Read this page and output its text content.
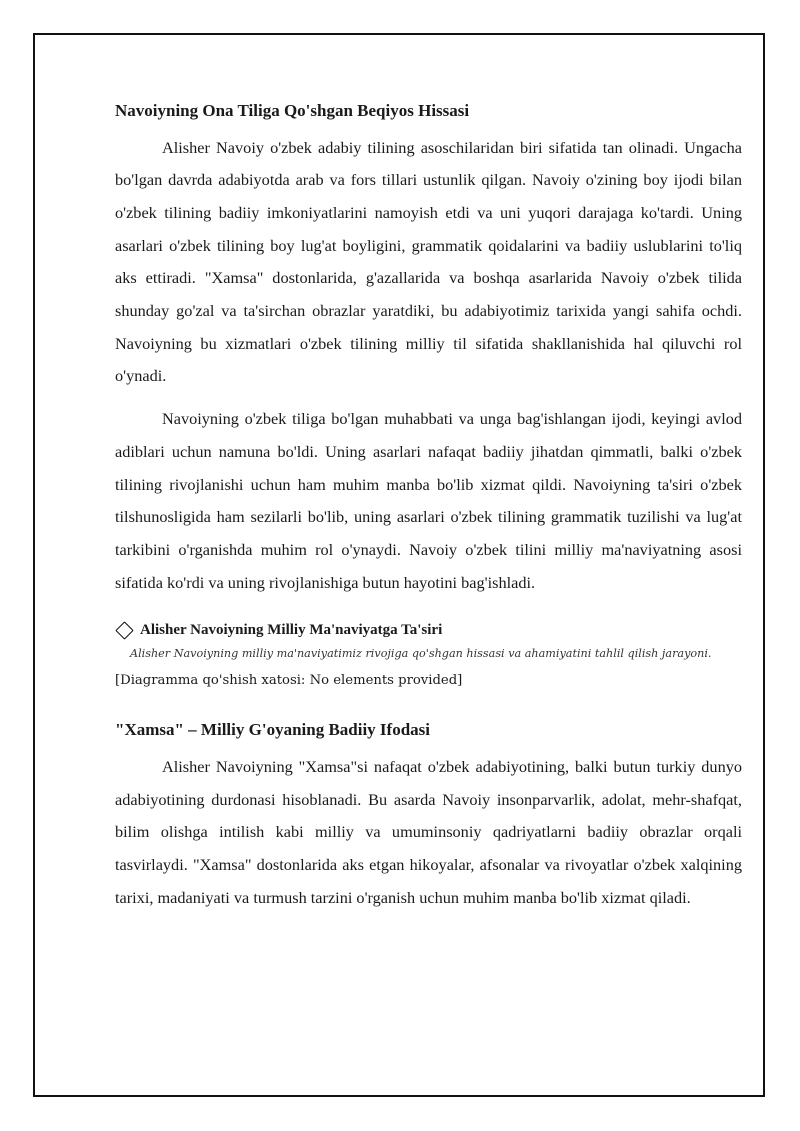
Navoiyning Ona Tiliga Qo'shgan Beqiyos Hissasi

Alisher Navoiy o'zbek adabiy tilining asoschilaridan biri sifatida tan olinadi. Ungacha bo'lgan davrda adabiyotda arab va fors tillari ustunlik qilgan. Navoiy o'zining boy ijodi bilan o'zbek tilining badiiy imkoniyatlarini namoyish etdi va uni yuqori darajaga ko'tardi. Uning asarlari o'zbek tilining boy lug'at boyligini, grammatik qoidalarini va badiiy uslublarini to'liq aks ettiradi. "Xamsa" dostonlarida, g'azallarida va boshqa asarlarida Navoiy o'zbek tilida shunday go'zal va ta'sirchan obrazlar yaratdiki, bu adabiyotimiz tarixida yangi sahifa ochdi. Navoiyning bu xizmatlari o'zbek tilining milliy til sifatida shakllanishida hal qiluvchi rol o'ynadi.

Navoiyning o'zbek tiliga bo'lgan muhabbati va unga bag'ishlangan ijodi, keyingi avlod adiblari uchun namuna bo'ldi. Uning asarlari nafaqat badiiy jihatdan qimmatli, balki o'zbek tilining rivojlanishi uchun ham muhim manba bo'lib xizmat qildi. Navoiyning ta'siri o'zbek tilshunosligida ham sezilarli bo'lib, uning asarlari o'zbek tilining grammatik tuzilishi va lug'at tarkibini o'rganishda muhim rol o'ynaydi. Navoiy o'zbek tilini milliy ma'naviyatning asosi sifatida ko'rdi va uning rivojlanishiga butun hayotini bag'ishladi.

Alisher Navoiyning Milliy Ma'naviyatga Ta'siri
Alisher Navoiyning milliy ma'naviyatimiz rivojiga qo'shgan hissasi va ahamiyatini tahlil qilish jarayoni.
[Diagramma qo'shish xatosi: No elements provided]
"Xamsa" – Milliy G'oyaning Badiiy Ifodasi

Alisher Navoiyning "Xamsa"si nafaqat o'zbek adabiyotining, balki butun turkiy dunyo adabiyotining durdonasi hisoblanadi. Bu asarda Navoiy insonparvarlik, adolat, mehr-shafqat, bilim olishga intilish kabi milliy va umuminsoniy qadriyatlarni badiiy obrazlar orqali tasvirlaydi. "Xamsa" dostonlarida aks etgan hikoyalar, afsonalar va rivoyatlar o'zbek xalqining tarixi, madaniyati va turmush tarzini o'rganish uchun muhim manba bo'lib xizmat qiladi.
